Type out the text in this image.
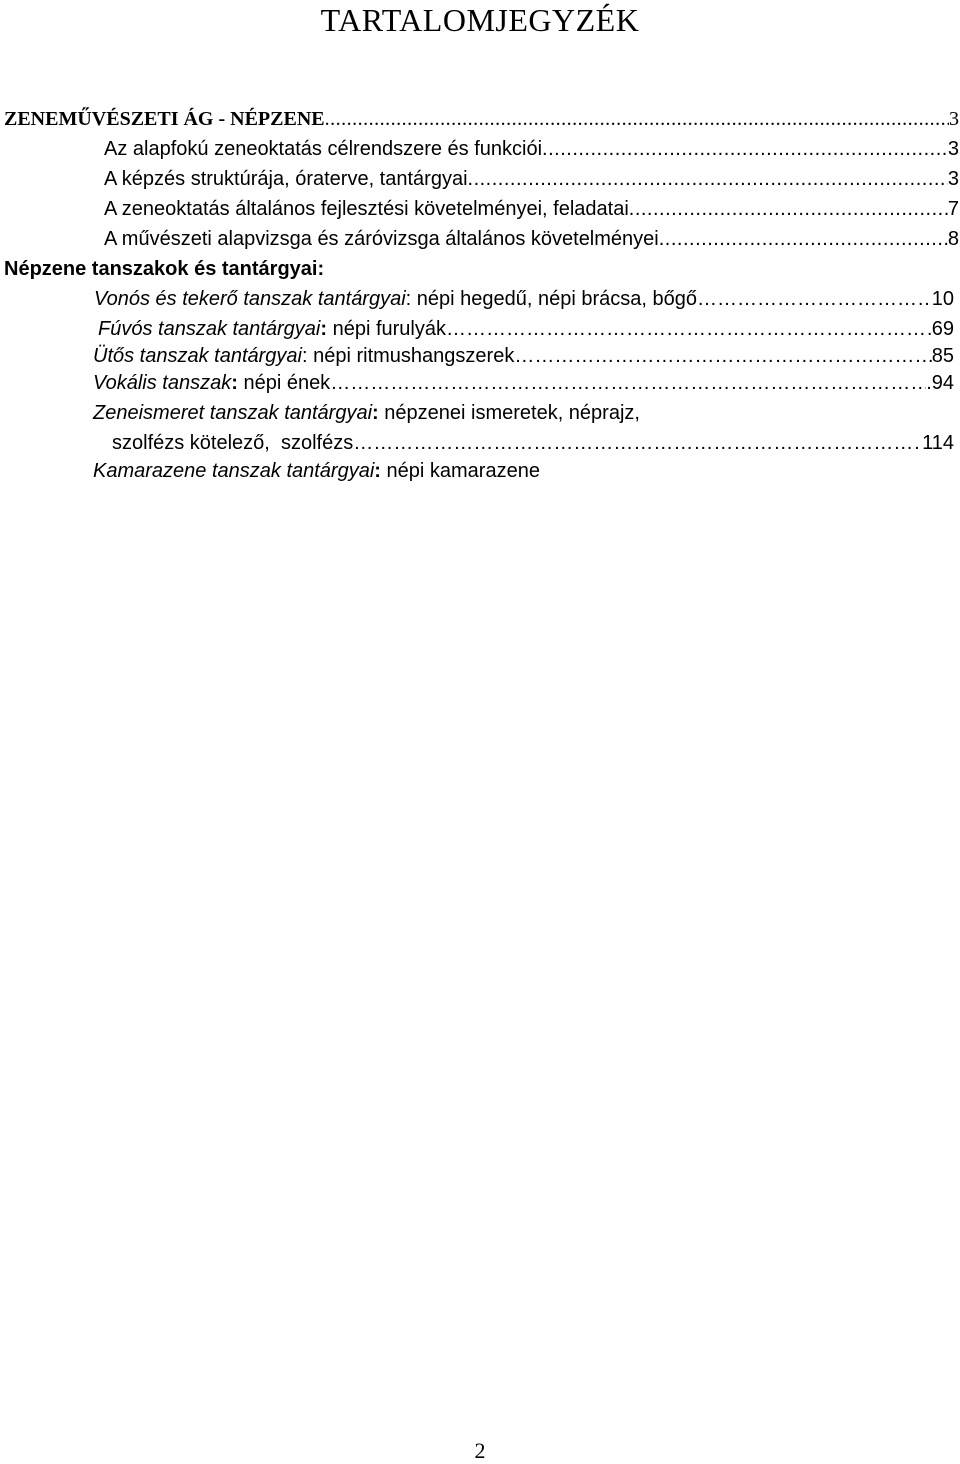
TARTALOMJEGYZÉK
ZENEMŰVÉSZETI ÁG - NÉPZENE .....	3
Az alapfokú zeneoktatás célrendszere és funkciói .....	3
A képzés struktúrája, óraterve, tantárgyai .....	3
A zeneoktatás általános fejlesztési követelményei, feladatai .....	7
A művészeti alapvizsga és záróvizsga általános követelményei .....	8
Népzene tanszakok és tantárgyai:
Vonós és tekerő tanszak tantárgyai: népi hegedű, népi brácsa, bőgő …………………………………………………………………………………………………………………………………………………………………………………………………………	10
Fúvós tanszak tantárgyai: népi furulyák …………………………………………………………………………………………………………………………………………………………………………………………………………	69
Ütős tanszak tantárgyai: népi ritmushangszerek …………………………………………………………………………………………………………………………………………………………………………………………………………	85
Vokális tanszak: népi ének …………………………………………………………………………………………………………………………………………………………………………………………………………	.94
Zeneismeret tanszak tantárgyai: népzenei ismeretek, néprajz,
szolfézs kötelező,  szolfézs …………………………………………………………………………………………………………………………………………………………………………………………………………	114
Kamarazene tanszak tantárgyai: népi kamarazene
2
